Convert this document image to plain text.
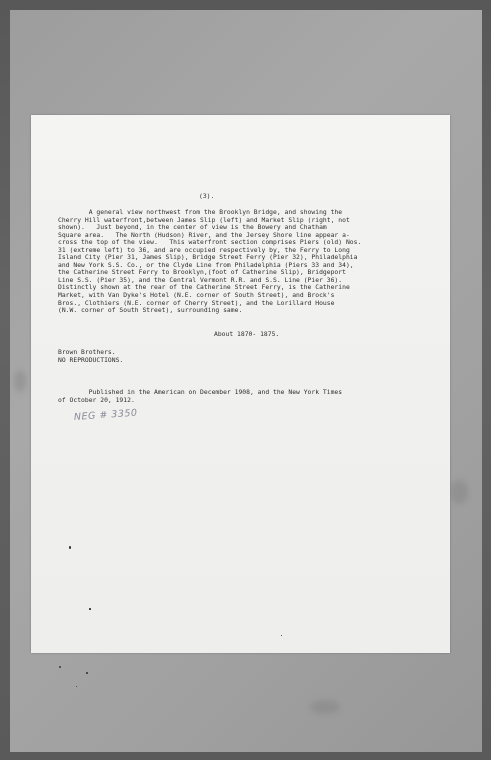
(3).
A general view northwest from the Brooklyn Bridge, and showing the
Cherry Hill waterfront,between James Slip (left) and Market Slip (right, not
shown).   Just beyond, in the center of view is the Bowery and Chatham
Square area.   The North (Hudson) River, and the Jersey Shore line appear a-
cross the top of the view.   This waterfront section comprises Piers (old) Nos.
31 (extreme left) to 36, and are occupied respectively by, the Ferry to Long
Island City (Pier 31, James Slip), Bridge Street Ferry (Pier 32), Philadelphia
and New York S.S. Co., or the Clyde Line from Philadelphia (Piers 33 and 34),
the Catherine Street Ferry to Brooklyn,(foot of Catherine Slip), Bridgeport
Line S.S. (Pier 35), and the Central Vermont R.R. and S.S. Line (Pier 36).
Distinctly shown at the rear of the Catherine Street Ferry, is the Catherine
Market, with Van Dyke's Hotel (N.E. corner of South Street), and Brock's
Bros., Clothiers (N.E. corner of Cherry Street), and the Lorillard House
(N.W. corner of South Street), surrounding same.
About 1870- 1875.
Brown Brothers.
NO REPRODUCTIONS.
Published in the American on December 1908, and the New York Times
of October 20, 1912.
NEG # 3350
